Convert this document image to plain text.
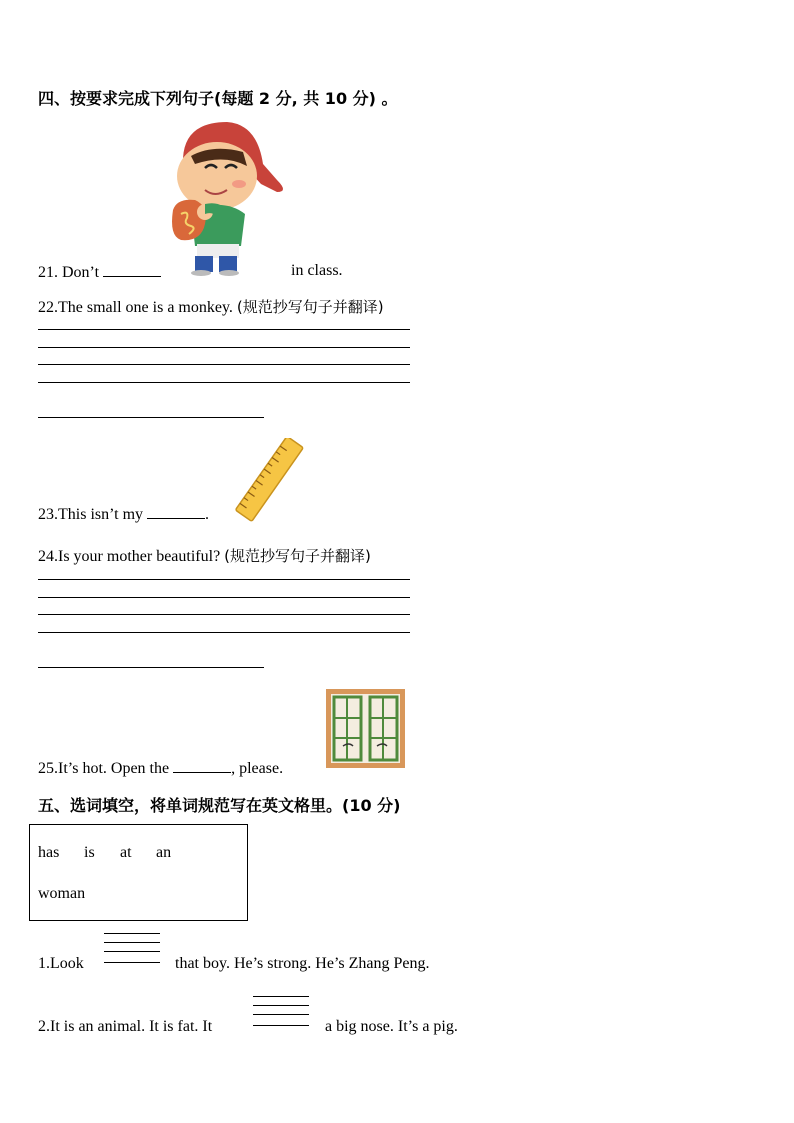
四、按要求完成下列句子(每题 2 分, 共 10 分) 。
21. Don’t	in class.
22.The small one is a monkey. (规范抄写句子并翻译)
23.This isn’t my	.
24.Is your mother beautiful? (规范抄写句子并翻译)
25.It’s hot. Open the	, please.
五、选词填空，将单词规范写在英文格里。(10 分)
has is at an
woman
1.Look	that boy. He’s strong. He’s Zhang Peng.
2.It is an animal. It is fat. It	a big nose. It’s a pig.
